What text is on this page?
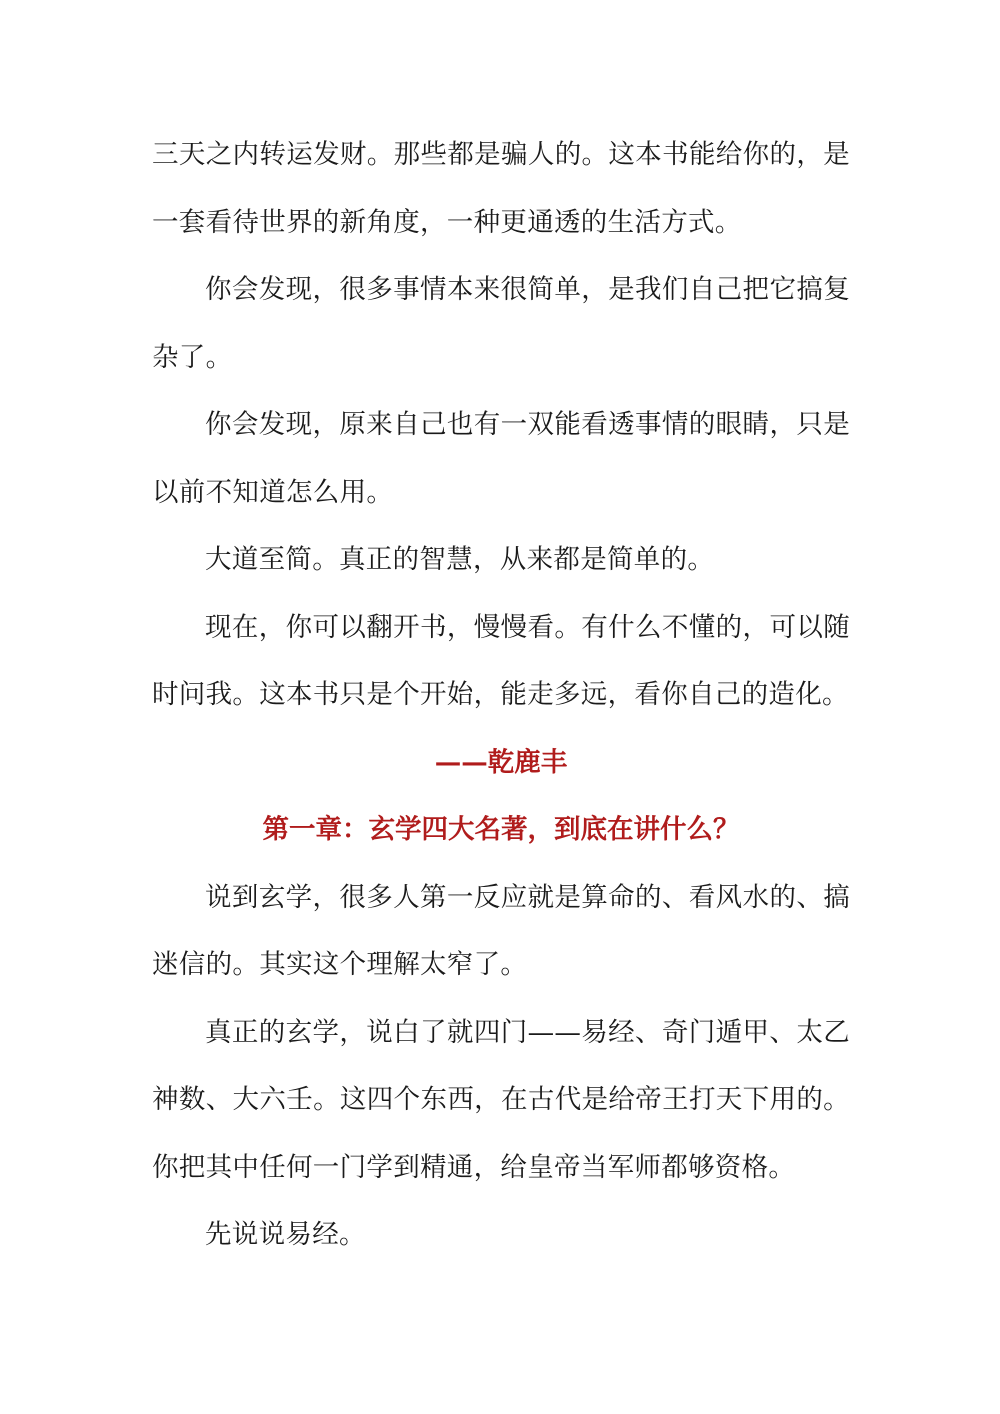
三天之内转运发财。那些都是骗人的。这本书能给你的，是一套看待世界的新角度，一种更通透的生活方式。

你会发现，很多事情本来很简单，是我们自己把它搞复杂了。

你会发现，原来自己也有一双能看透事情的眼睛，只是以前不知道怎么用。

大道至简。真正的智慧，从来都是简单的。

现在，你可以翻开书，慢慢看。有什么不懂的，可以随时问我。这本书只是个开始，能走多远，看你自己的造化。

——乾鹿丰

第一章：玄学四大名著，到底在讲什么？

说到玄学，很多人第一反应就是算命的、看风水的、搞迷信的。其实这个理解太窄了。

真正的玄学，说白了就四门——易经、奇门遁甲、太乙神数、大六壬。这四个东西，在古代是给帝王打天下用的。你把其中任何一门学到精通，给皇帝当军师都够资格。

先说说易经。
